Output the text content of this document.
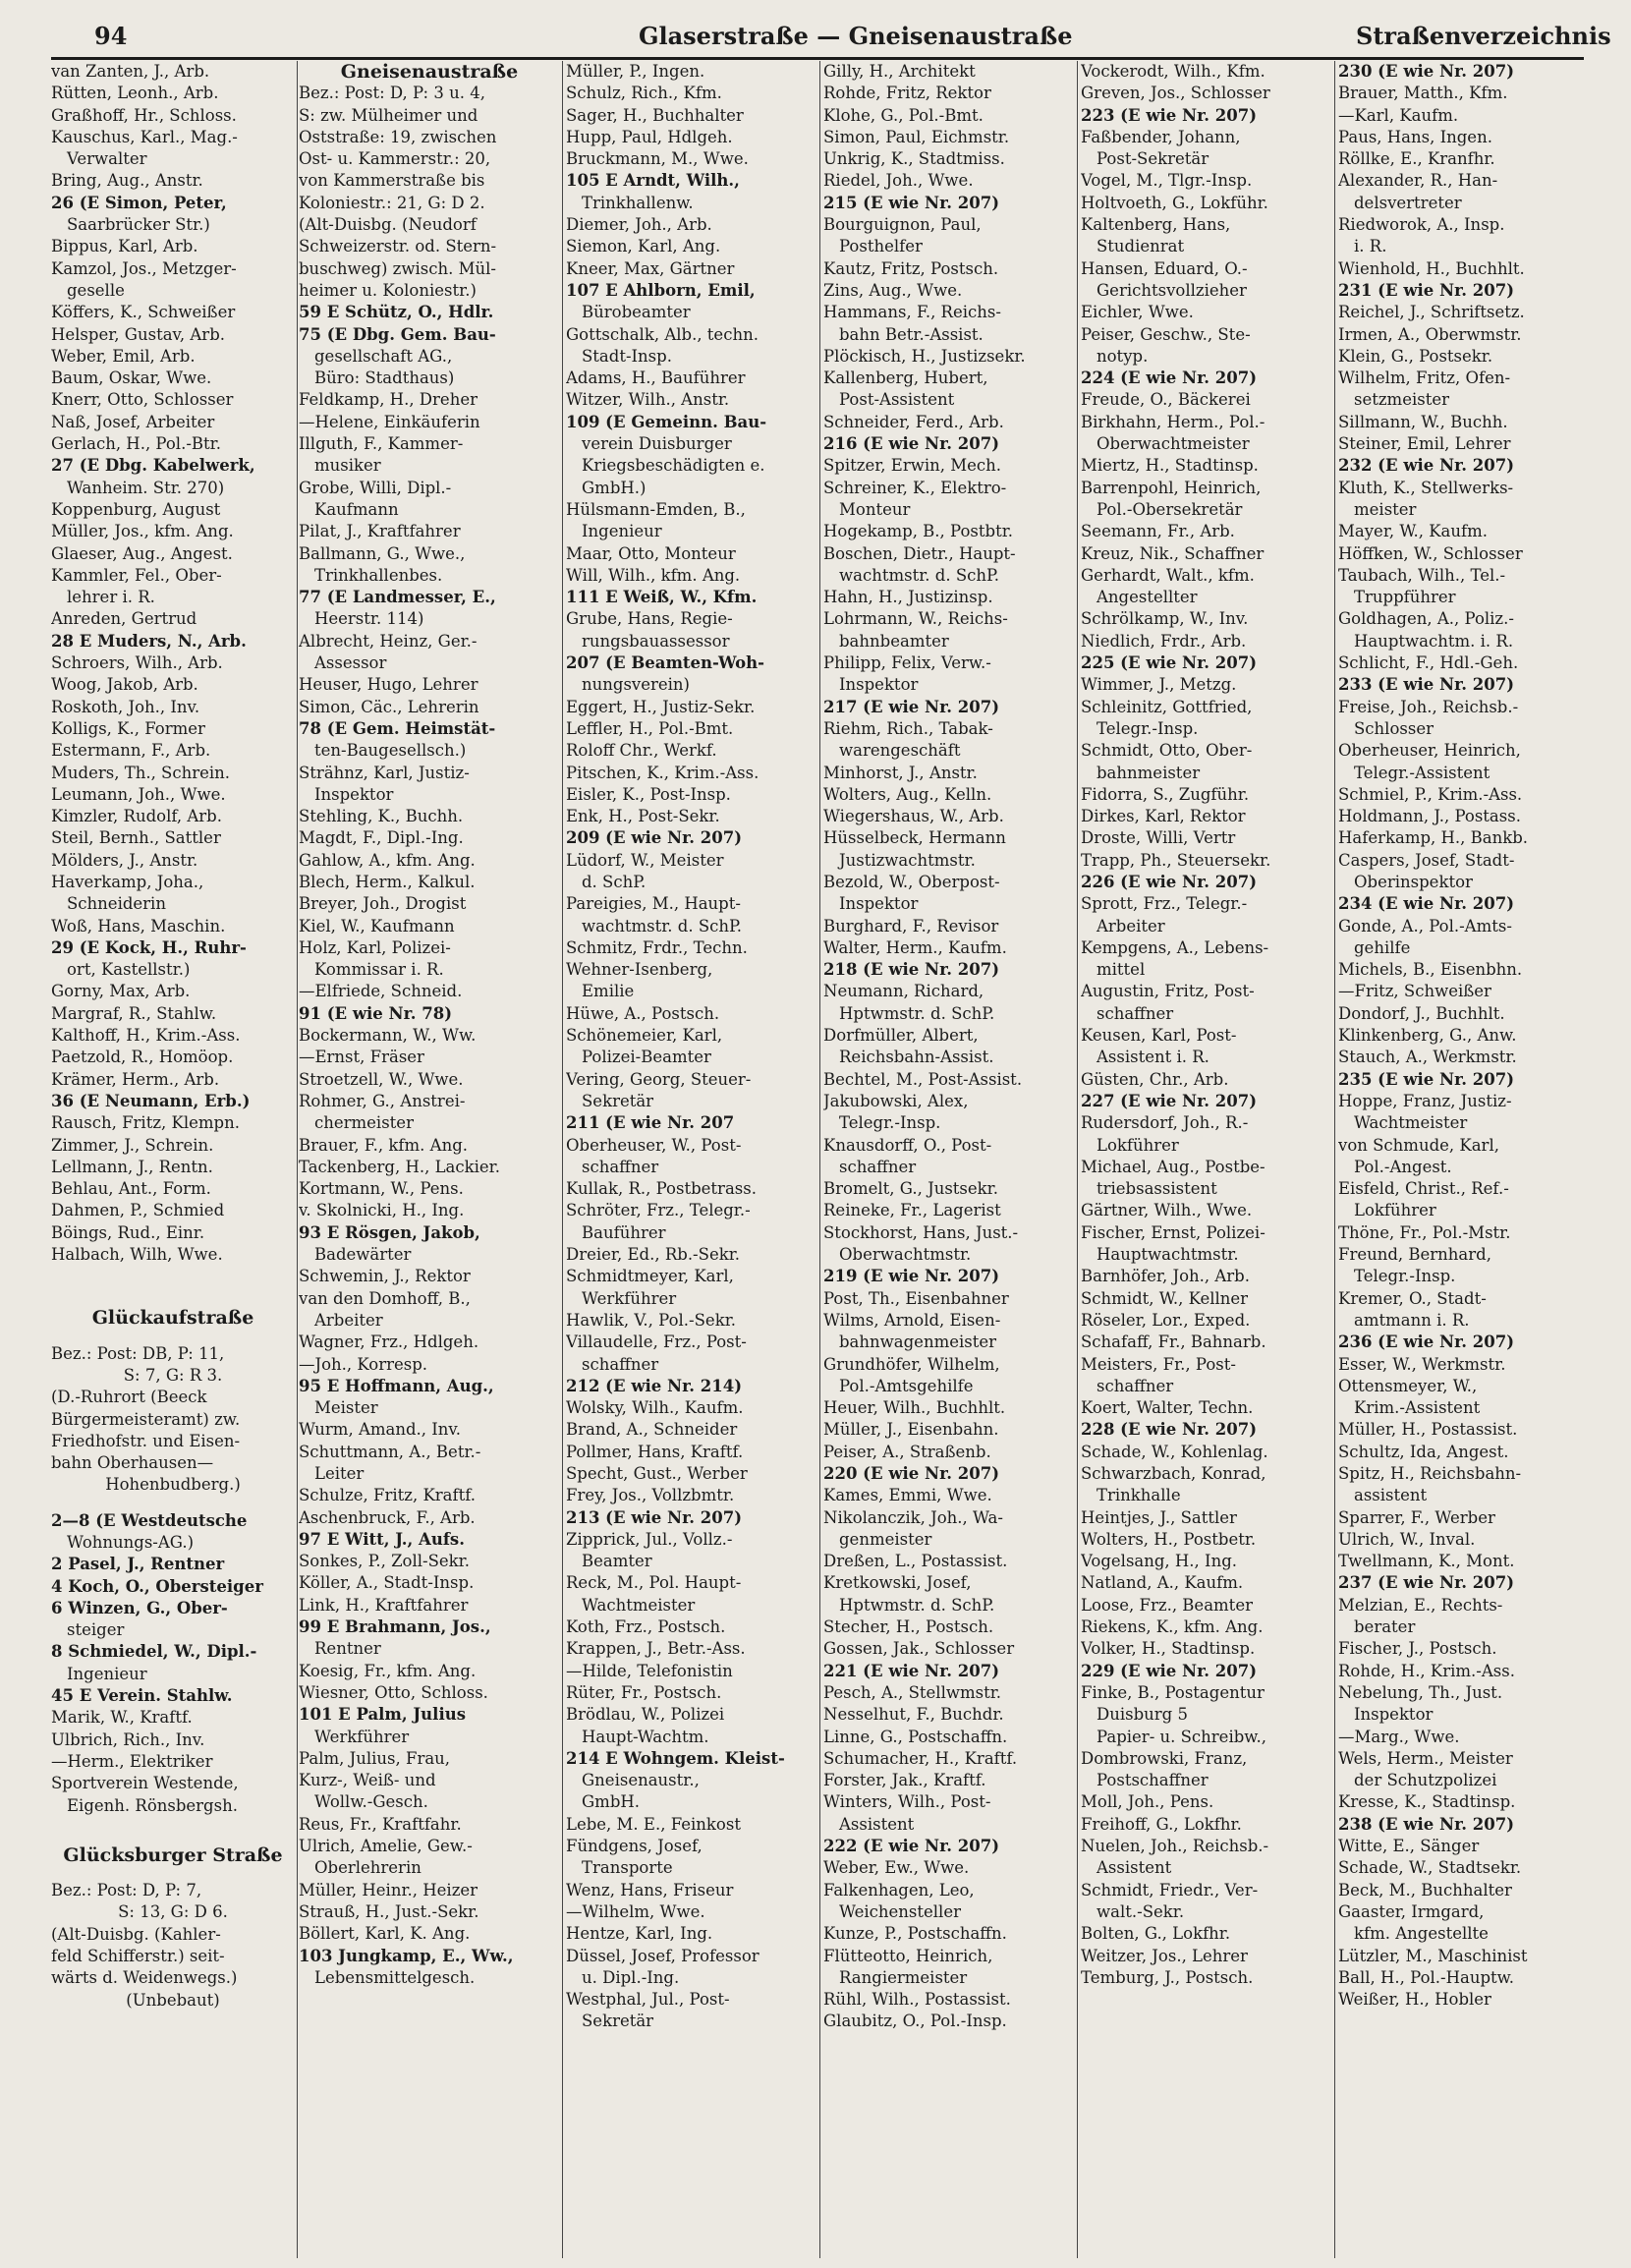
94	Glaserstraße — Gneisenaustraße	Straßenverzeichnis
van Zanten, J., Arb.
Rütten, Leonh., Arb.
Graßhoff, Hr., Schloss.
Kauschus, Karl., Mag.-
Verwalter
Bring, Aug., Anstr.
26 (E Simon, Peter,
Saarbrücker Str.)
Bippus, Karl, Arb.
Kamzol, Jos., Metzger-
geselle
Köffers, K., Schweißer
Helsper, Gustav, Arb.
Weber, Emil, Arb.
Baum, Oskar, Wwe.
Knerr, Otto, Schlosser
Naß, Josef, Arbeiter
Gerlach, H., Pol.-Btr.
27 (E Dbg. Kabelwerk,
Wanheim. Str. 270)
Koppenburg, August
Müller, Jos., kfm. Ang.
Glaeser, Aug., Angest.
Kammler, Fel., Ober-
lehrer i. R.
Anreden, Gertrud
28 E Muders, N., Arb.
Schroers, Wilh., Arb.
Woog, Jakob, Arb.
Roskoth, Joh., Inv.
Kolligs, K., Former
Estermann, F., Arb.
Muders, Th., Schrein.
Leumann, Joh., Wwe.
Kimzler, Rudolf, Arb.
Steil, Bernh., Sattler
Mölders, J., Anstr.
Haverkamp, Joha.,
Schneiderin
Woß, Hans, Maschin.
29 (E Kock, H., Ruhr-
ort, Kastellstr.)
Gorny, Max, Arb.
Margraf, R., Stahlw.
Kalthoff, H., Krim.-Ass.
Paetzold, R., Homöop.
Krämer, Herm., Arb.
36 (E Neumann, Erb.)
Rausch, Fritz, Klempn.
Zimmer, J., Schrein.
Lellmann, J., Rentn.
Behlau, Ant., Form.
Dahmen, P., Schmied
Böings, Rud., Einr.
Halbach, Wilh, Wwe.
Glückaufstraße
Bez.: Post: DB, P: 11,
S: 7, G: R 3.
(D.-Ruhrort (Beeck
Bürgermeisteramt) zw.
Friedhofstr. und Eisen-
bahn Oberhausen—
Hohenbudberg.)
2—8 (E Westdeutsche
Wohnungs-AG.)
2 Pasel, J., Rentner
4 Koch, O., Obersteiger
6 Winzen, G., Ober-
steiger
8 Schmiedel, W., Dipl.-
Ingenieur
45 E Verein. Stahlw.
Marik, W., Kraftf.
Ulbrich, Rich., Inv.
—Herm., Elektriker
Sportverein Westende,
Eigenh. Rönsbergsh.
Glücksburger Straße
Bez.: Post: D, P: 7,
S: 13, G: D 6.
(Alt-Duisbg. (Kahler-
feld Schifferstr.) seit-
wärts d. Weidenwegs.)
(Unbebaut)
Gneisenaustraße
Bez.: Post: D, P: 3 u. 4,
S: zw. Mülheimer und
Oststraße: 19, zwischen
Ost- u. Kammerstr.: 20,
von Kammerstraße bis
Koloniestr.: 21, G: D 2.
(Alt-Duisbg. (Neudorf
Schweizerstr. od. Stern-
buschweg) zwisch. Mül-
heimer u. Koloniestr.)
59 E Schütz, O., Hdlr.
75 (E Dbg. Gem. Bau-
gesellschaft AG.,
Büro: Stadthaus)
Feldkamp, H., Dreher
—Helene, Einkäuferin
Illguth, F., Kammer-
musiker
Grobe, Willi, Dipl.-
Kaufmann
Pilat, J., Kraftfahrer
Ballmann, G., Wwe.,
Trinkhallenbes.
77 (E Landmesser, E.,
Heerstr. 114)
Albrecht, Heinz, Ger.-
Assessor
Heuser, Hugo, Lehrer
Simon, Cäc., Lehrerin
78 (E Gem. Heimstät-
ten-Baugesellsch.)
Strähnz, Karl, Justiz-
Inspektor
Stehling, K., Buchh.
Magdt, F., Dipl.-Ing.
Gahlow, A., kfm. Ang.
Blech, Herm., Kalkul.
Breyer, Joh., Drogist
Kiel, W., Kaufmann
Holz, Karl, Polizei-
Kommissar i. R.
—Elfriede, Schneid.
91 (E wie Nr. 78)
Bockermann, W., Ww.
—Ernst, Fräser
Stroetzell, W., Wwe.
Rohmer, G., Anstrei-
chermeister
Brauer, F., kfm. Ang.
Tackenberg, H., Lackier.
Kortmann, W., Pens.
v. Skolnicki, H., Ing.
93 E Rösgen, Jakob,
Badewärter
Schwemin, J., Rektor
van den Domhoff, B.,
Arbeiter
Wagner, Frz., Hdlgeh.
—Joh., Korresp.
95 E Hoffmann, Aug.,
Meister
Wurm, Amand., Inv.
Schuttmann, A., Betr.-
Leiter
Schulze, Fritz, Kraftf.
Aschenbruck, F., Arb.
97 E Witt, J., Aufs.
Sonkes, P., Zoll-Sekr.
Köller, A., Stadt-Insp.
Link, H., Kraftfahrer
99 E Brahmann, Jos.,
Rentner
Koesig, Fr., kfm. Ang.
Wiesner, Otto, Schloss.
101 E Palm, Julius
Werkführer
Palm, Julius, Frau,
Kurz-, Weiß- und
Wollw.-Gesch.
Reus, Fr., Kraftfahr.
Ulrich, Amelie, Gew.-
Oberlehrerin
Müller, Heinr., Heizer
Strauß, H., Just.-Sekr.
Böllert, Karl, K. Ang.
103 Jungkamp, E., Ww.,
Lebensmittelgesch.
Müller, P., Ingen.
Schulz, Rich., Kfm.
Sager, H., Buchhalter
Hupp, Paul, Hdlgeh.
Bruckmann, M., Wwe.
105 E Arndt, Wilh.,
Trinkhallenw.
Diemer, Joh., Arb.
Siemon, Karl, Ang.
Kneer, Max, Gärtner
107 E Ahlborn, Emil,
Bürobeamter
Gottschalk, Alb., techn.
Stadt-Insp.
Adams, H., Bauführer
Witzer, Wilh., Anstr.
109 (E Gemeinn. Bau-
verein Duisburger
Kriegsbeschädigten e.
GmbH.)
Hülsmann-Emden, B.,
Ingenieur
Maar, Otto, Monteur
Will, Wilh., kfm. Ang.
111 E Weiß, W., Kfm.
Grube, Hans, Regie-
rungsbauassessor
207 (E Beamten-Woh-
nungsverein)
Eggert, H., Justiz-Sekr.
Leffler, H., Pol.-Bmt.
Roloff Chr., Werkf.
Pitschen, K., Krim.-Ass.
Eisler, K., Post-Insp.
Enk, H., Post-Sekr.
209 (E wie Nr. 207)
Lüdorf, W., Meister
d. SchP.
Pareigies, M., Haupt-
wachtmstr. d. SchP.
Schmitz, Frdr., Techn.
Wehner-Isenberg,
Emilie
Hüwe, A., Postsch.
Schönemeier, Karl,
Polizei-Beamter
Vering, Georg, Steuer-
Sekretär
211 (E wie Nr. 207
Oberheuser, W., Post-
schaffner
Kullak, R., Postbetrass.
Schröter, Frz., Telegr.-
Bauführer
Dreier, Ed., Rb.-Sekr.
Schmidtmeyer, Karl,
Werkführer
Hawlik, V., Pol.-Sekr.
Villaudelle, Frz., Post-
schaffner
212 (E wie Nr. 214)
Wolsky, Wilh., Kaufm.
Brand, A., Schneider
Pollmer, Hans, Kraftf.
Specht, Gust., Werber
Frey, Jos., Vollzbmtr.
213 (E wie Nr. 207)
Zipprick, Jul., Vollz.-
Beamter
Reck, M., Pol. Haupt-
Wachtmeister
Koth, Frz., Postsch.
Krappen, J., Betr.-Ass.
—Hilde, Telefonistin
Rüter, Fr., Postsch.
Brödlau, W., Polizei
Haupt-Wachtm.
214 E Wohngem. Kleist-
Gneisenaustr.,
GmbH.
Lebe, M. E., Feinkost
Fündgens, Josef,
Transporte
Wenz, Hans, Friseur
—Wilhelm, Wwe.
Hentze, Karl, Ing.
Düssel, Josef, Professor
u. Dipl.-Ing.
Westphal, Jul., Post-
Sekretär
Gilly, H., Architekt
Rohde, Fritz, Rektor
Klohe, G., Pol.-Bmt.
Simon, Paul, Eichmstr.
Unkrig, K., Stadtmiss.
Riedel, Joh., Wwe.
215 (E wie Nr. 207)
Bourguignon, Paul,
Posthelfer
Kautz, Fritz, Postsch.
Zins, Aug., Wwe.
Hammans, F., Reichs-
bahn Betr.-Assist.
Plöckisch, H., Justizsekr.
Kallenberg, Hubert,
Post-Assistent
Schneider, Ferd., Arb.
216 (E wie Nr. 207)
Spitzer, Erwin, Mech.
Schreiner, K., Elektro-
Monteur
Hogekamp, B., Postbtr.
Boschen, Dietr., Haupt-
wachtmstr. d. SchP.
Hahn, H., Justizinsp.
Lohrmann, W., Reichs-
bahnbeamter
Philipp, Felix, Verw.-
Inspektor
217 (E wie Nr. 207)
Riehm, Rich., Tabak-
warengeschäft
Minhorst, J., Anstr.
Wolters, Aug., Kelln.
Wiegershaus, W., Arb.
Hüsselbeck, Hermann
Justizwachtmstr.
Bezold, W., Oberpost-
Inspektor
Burghard, F., Revisor
Walter, Herm., Kaufm.
218 (E wie Nr. 207)
Neumann, Richard,
Hptwmstr. d. SchP.
Dorfmüller, Albert,
Reichsbahn-Assist.
Bechtel, M., Post-Assist.
Jakubowski, Alex,
Telegr.-Insp.
Knausdorff, O., Post-
schaffner
Bromelt, G., Justsekr.
Reineke, Fr., Lagerist
Stockhorst, Hans, Just.-
Oberwachtmstr.
219 (E wie Nr. 207)
Post, Th., Eisenbahner
Wilms, Arnold, Eisen-
bahnwagenmeister
Grundhöfer, Wilhelm,
Pol.-Amtsgehilfe
Heuer, Wilh., Buchhlt.
Müller, J., Eisenbahn.
Peiser, A., Straßenb.
220 (E wie Nr. 207)
Kames, Emmi, Wwe.
Nikolanczik, Joh., Wa-
genmeister
Dreßen, L., Postassist.
Kretkowski, Josef,
Hptwmstr. d. SchP.
Stecher, H., Postsch.
Gossen, Jak., Schlosser
221 (E wie Nr. 207)
Pesch, A., Stellwmstr.
Nesselhut, F., Buchdr.
Linne, G., Postschaffn.
Schumacher, H., Kraftf.
Forster, Jak., Kraftf.
Winters, Wilh., Post-
Assistent
222 (E wie Nr. 207)
Weber, Ew., Wwe.
Falkenhagen, Leo,
Weichensteller
Kunze, P., Postschaffn.
Flütteotto, Heinrich,
Rangiermeister
Rühl, Wilh., Postassist.
Glaubitz, O., Pol.-Insp.
Vockerodt, Wilh., Kfm.
Greven, Jos., Schlosser
223 (E wie Nr. 207)
Faßbender, Johann,
Post-Sekretär
Vogel, M., Tlgr.-Insp.
Holtvoeth, G., Lokführ.
Kaltenberg, Hans,
Studienrat
Hansen, Eduard, O.-
Gerichtsvollzieher
Eichler, Wwe.
Peiser, Geschw., Ste-
notyp.
224 (E wie Nr. 207)
Freude, O., Bäckerei
Birkhahn, Herm., Pol.-
Oberwachtmeister
Miertz, H., Stadtinsp.
Barrenpohl, Heinrich,
Pol.-Obersekretär
Seemann, Fr., Arb.
Kreuz, Nik., Schaffner
Gerhardt, Walt., kfm.
Angestellter
Schrölkamp, W., Inv.
Niedlich, Frdr., Arb.
225 (E wie Nr. 207)
Wimmer, J., Metzg.
Schleinitz, Gottfried,
Telegr.-Insp.
Schmidt, Otto, Ober-
bahnmeister
Fidorra, S., Zugführ.
Dirkes, Karl, Rektor
Droste, Willi, Vertr
Trapp, Ph., Steuersekr.
226 (E wie Nr. 207)
Sprott, Frz., Telegr.-
Arbeiter
Kempgens, A., Lebens-
mittel
Augustin, Fritz, Post-
schaffner
Keusen, Karl, Post-
Assistent i. R.
Güsten, Chr., Arb.
227 (E wie Nr. 207)
Rudersdorf, Joh., R.-
Lokführer
Michael, Aug., Postbe-
triebsassistent
Gärtner, Wilh., Wwe.
Fischer, Ernst, Polizei-
Hauptwachtmstr.
Barnhöfer, Joh., Arb.
Schmidt, W., Kellner
Röseler, Lor., Exped.
Schafaff, Fr., Bahnarb.
Meisters, Fr., Post-
schaffner
Koert, Walter, Techn.
228 (E wie Nr. 207)
Schade, W., Kohlenlag.
Schwarzbach, Konrad,
Trinkhalle
Heintjes, J., Sattler
Wolters, H., Postbetr.
Vogelsang, H., Ing.
Natland, A., Kaufm.
Loose, Frz., Beamter
Riekens, K., kfm. Ang.
Volker, H., Stadtinsp.
229 (E wie Nr. 207)
Finke, B., Postagentur
Duisburg 5
Papier- u. Schreibw.,
Dombrowski, Franz,
Postschaffner
Moll, Joh., Pens.
Freihoff, G., Lokfhr.
Nuelen, Joh., Reichsb.-
Assistent
Schmidt, Friedr., Ver-
walt.-Sekr.
Bolten, G., Lokfhr.
Weitzer, Jos., Lehrer
Temburg, J., Postsch.
230 (E wie Nr. 207)
Brauer, Matth., Kfm.
—Karl, Kaufm.
Paus, Hans, Ingen.
Röllke, E., Kranfhr.
Alexander, R., Han-
delsvertreter
Riedworok, A., Insp.
i. R.
Wienhold, H., Buchhlt.
231 (E wie Nr. 207)
Reichel, J., Schriftsetz.
Irmen, A., Oberwmstr.
Klein, G., Postsekr.
Wilhelm, Fritz, Ofen-
setzmeister
Sillmann, W., Buchh.
Steiner, Emil, Lehrer
232 (E wie Nr. 207)
Kluth, K., Stellwerks-
meister
Mayer, W., Kaufm.
Höffken, W., Schlosser
Taubach, Wilh., Tel.-
Truppführer
Goldhagen, A., Poliz.-
Hauptwachtm. i. R.
Schlicht, F., Hdl.-Geh.
233 (E wie Nr. 207)
Freise, Joh., Reichsb.-
Schlosser
Oberheuser, Heinrich,
Telegr.-Assistent
Schmiel, P., Krim.-Ass.
Holdmann, J., Postass.
Haferkamp, H., Bankb.
Caspers, Josef, Stadt-
Oberinspektor
234 (E wie Nr. 207)
Gonde, A., Pol.-Amts-
gehilfe
Michels, B., Eisenbhn.
—Fritz, Schweißer
Dondorf, J., Buchhlt.
Klinkenberg, G., Anw.
Stauch, A., Werkmstr.
235 (E wie Nr. 207)
Hoppe, Franz, Justiz-
Wachtmeister
von Schmude, Karl,
Pol.-Angest.
Eisfeld, Christ., Ref.-
Lokführer
Thöne, Fr., Pol.-Mstr.
Freund, Bernhard,
Telegr.-Insp.
Kremer, O., Stadt-
amtmann i. R.
236 (E wie Nr. 207)
Esser, W., Werkmstr.
Ottensmeyer, W.,
Krim.-Assistent
Müller, H., Postassist.
Schultz, Ida, Angest.
Spitz, H., Reichsbahn-
assistent
Sparrer, F., Werber
Ulrich, W., Inval.
Twellmann, K., Mont.
237 (E wie Nr. 207)
Melzian, E., Rechts-
berater
Fischer, J., Postsch.
Rohde, H., Krim.-Ass.
Nebelung, Th., Just.
Inspektor
—Marg., Wwe.
Wels, Herm., Meister
der Schutzpolizei
Kresse, K., Stadtinsp.
238 (E wie Nr. 207)
Witte, E., Sänger
Schade, W., Stadtsekr.
Beck, M., Buchhalter
Gaaster, Irmgard,
kfm. Angestellte
Lützler, M., Maschinist
Ball, H., Pol.-Hauptw.
Weißer, H., Hobler
